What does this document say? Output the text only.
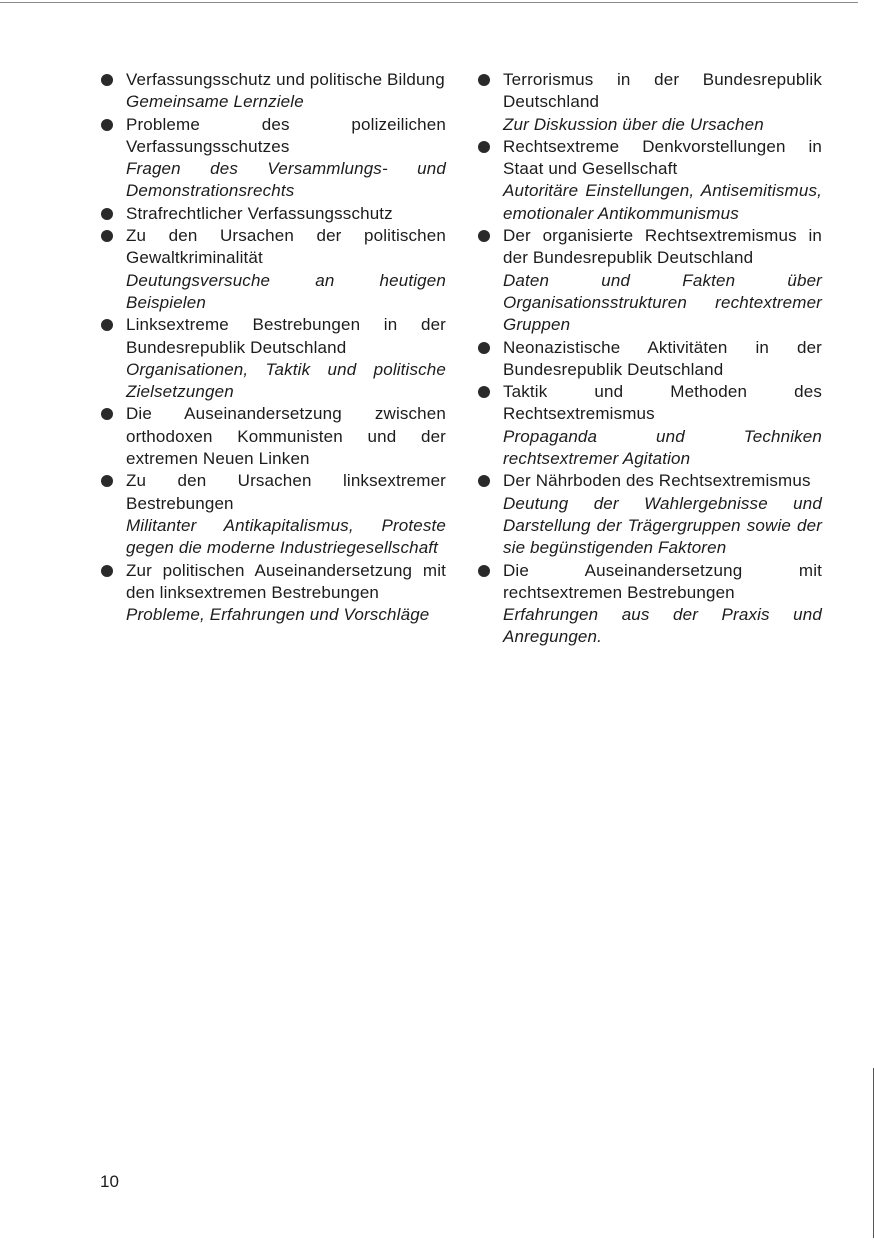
Verfassungsschutz und politische Bildung
Gemeinsame Lernziele
Probleme des polizeilichen Verfassungsschutzes
Fragen des Versammlungs- und Demonstrationsrechts
Strafrechtlicher Verfassungsschutz
Zu den Ursachen der politischen Gewaltkriminalität
Deutungsversuche an heutigen Beispielen
Linksextreme Bestrebungen in der Bundesrepublik Deutschland
Organisationen, Taktik und politische Zielsetzungen
Die Auseinandersetzung zwischen orthodoxen Kommunisten und der extremen Neuen Linken
Zu den Ursachen linksextremer Bestrebungen
Militanter Antikapitalismus, Proteste gegen die moderne Industriegesellschaft
Zur politischen Auseinandersetzung mit den linksextremen Bestrebungen
Probleme, Erfahrungen und Vorschläge
Terrorismus in der Bundesrepublik Deutschland
Zur Diskussion über die Ursachen
Rechtsextreme Denkvorstellungen in Staat und Gesellschaft
Autoritäre Einstellungen, Antisemitismus, emotionaler Antikommunismus
Der organisierte Rechtsextremismus in der Bundesrepublik Deutschland
Daten und Fakten über Organisationsstrukturen rechtextremer Gruppen
Neonazistische Aktivitäten in der Bundesrepublik Deutschland
Taktik und Methoden des Rechtsextremismus
Propaganda und Techniken rechtsextremer Agitation
Der Nährboden des Rechtsextremismus
Deutung der Wahlergebnisse und Darstellung der Trägergruppen sowie der sie begünstigenden Faktoren
Die Auseinandersetzung mit rechtsextremen Bestrebungen
Erfahrungen aus der Praxis und Anregungen.
10
